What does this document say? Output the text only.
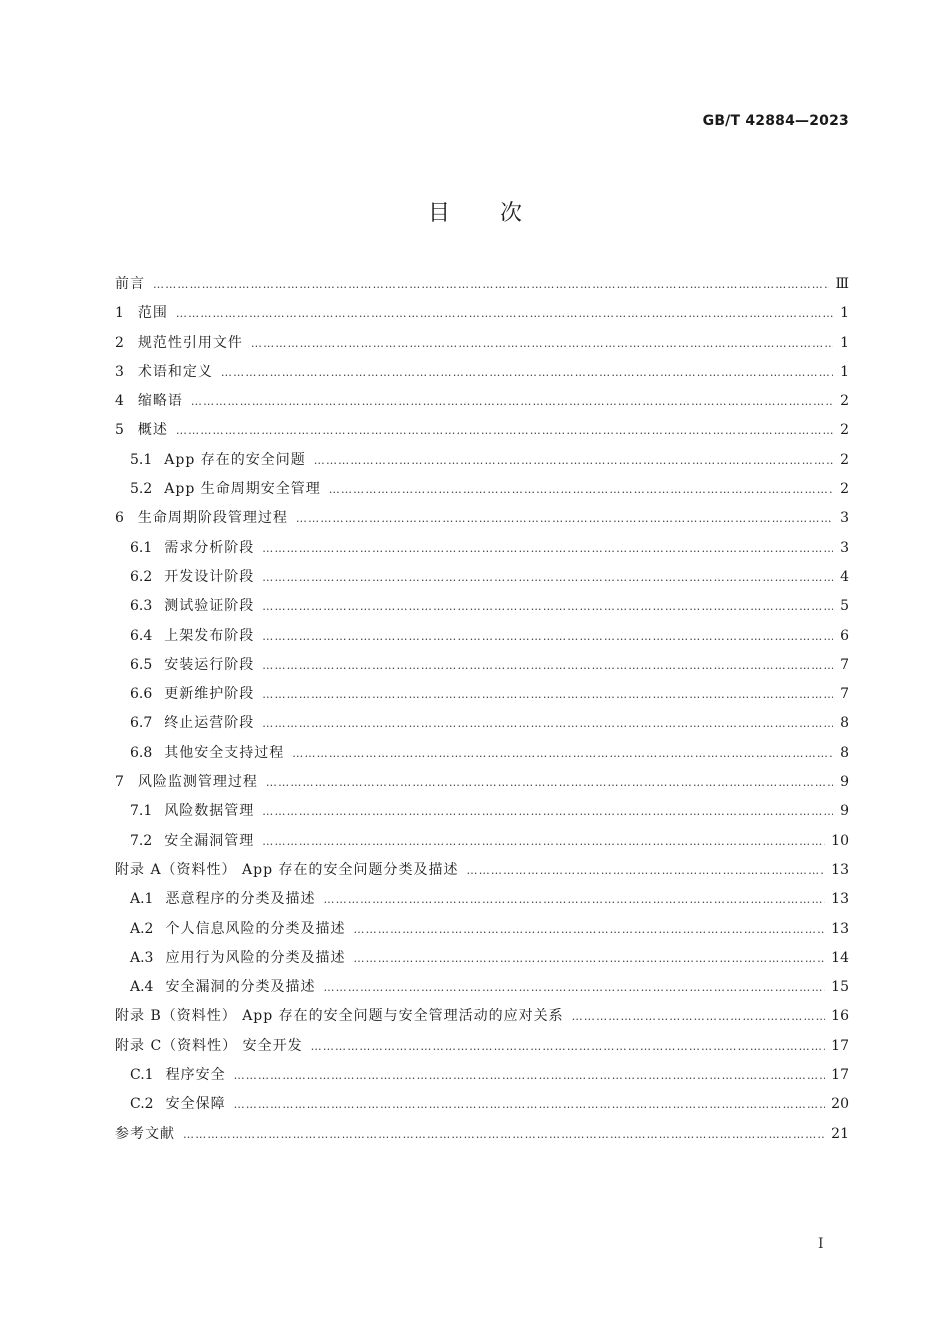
GB/T 42884—2023
目 次
前言 ……………………………………………………………………………………………………………………………………………………………………………………………………………………………………	Ⅲ
1 范围 ……………………………………………………………………………………………………………………………………………………………………………………………………………………………………	1
2 规范性引用文件 ……………………………………………………………………………………………………………………………………………………………………………………………………………………………………	1
3 术语和定义 ……………………………………………………………………………………………………………………………………………………………………………………………………………………………………	1
4 缩略语 ……………………………………………………………………………………………………………………………………………………………………………………………………………………………………	2
5 概述 ……………………………………………………………………………………………………………………………………………………………………………………………………………………………………	2
5.1 App 存在的安全问题 ……………………………………………………………………………………………………………………………………………………………………………………………………………………………………	2
5.2 App 生命周期安全管理 ……………………………………………………………………………………………………………………………………………………………………………………………………………………………………	2
6 生命周期阶段管理过程 ……………………………………………………………………………………………………………………………………………………………………………………………………………………………………	3
6.1 需求分析阶段 ……………………………………………………………………………………………………………………………………………………………………………………………………………………………………	3
6.2 开发设计阶段 ……………………………………………………………………………………………………………………………………………………………………………………………………………………………………	4
6.3 测试验证阶段 ……………………………………………………………………………………………………………………………………………………………………………………………………………………………………	5
6.4 上架发布阶段 ……………………………………………………………………………………………………………………………………………………………………………………………………………………………………	6
6.5 安装运行阶段 ……………………………………………………………………………………………………………………………………………………………………………………………………………………………………	7
6.6 更新维护阶段 ……………………………………………………………………………………………………………………………………………………………………………………………………………………………………	7
6.7 终止运营阶段 ……………………………………………………………………………………………………………………………………………………………………………………………………………………………………	8
6.8 其他安全支持过程 ……………………………………………………………………………………………………………………………………………………………………………………………………………………………………	8
7 风险监测管理过程 ……………………………………………………………………………………………………………………………………………………………………………………………………………………………………	9
7.1 风险数据管理 ……………………………………………………………………………………………………………………………………………………………………………………………………………………………………	9
7.2 安全漏洞管理 ……………………………………………………………………………………………………………………………………………………………………………………………………………………………………	10
附录 A（资料性） App 存在的安全问题分类及描述 ……………………………………………………………………………………………………………………………………………………………………………………………………………………………………	13
A.1 恶意程序的分类及描述 ……………………………………………………………………………………………………………………………………………………………………………………………………………………………………	13
A.2 个人信息风险的分类及描述 ……………………………………………………………………………………………………………………………………………………………………………………………………………………………………	13
A.3 应用行为风险的分类及描述 ……………………………………………………………………………………………………………………………………………………………………………………………………………………………………	14
A.4 安全漏洞的分类及描述 ……………………………………………………………………………………………………………………………………………………………………………………………………………………………………	15
附录 B（资料性） App 存在的安全问题与安全管理活动的应对关系 ……………………………………………………………………………………………………………………………………………………………………………………………………………………………………	16
附录 C（资料性） 安全开发 ……………………………………………………………………………………………………………………………………………………………………………………………………………………………………	17
C.1 程序安全 ……………………………………………………………………………………………………………………………………………………………………………………………………………………………………	17
C.2 安全保障 ……………………………………………………………………………………………………………………………………………………………………………………………………………………………………	20
参考文献 ……………………………………………………………………………………………………………………………………………………………………………………………………………………………………	21
Ⅰ
